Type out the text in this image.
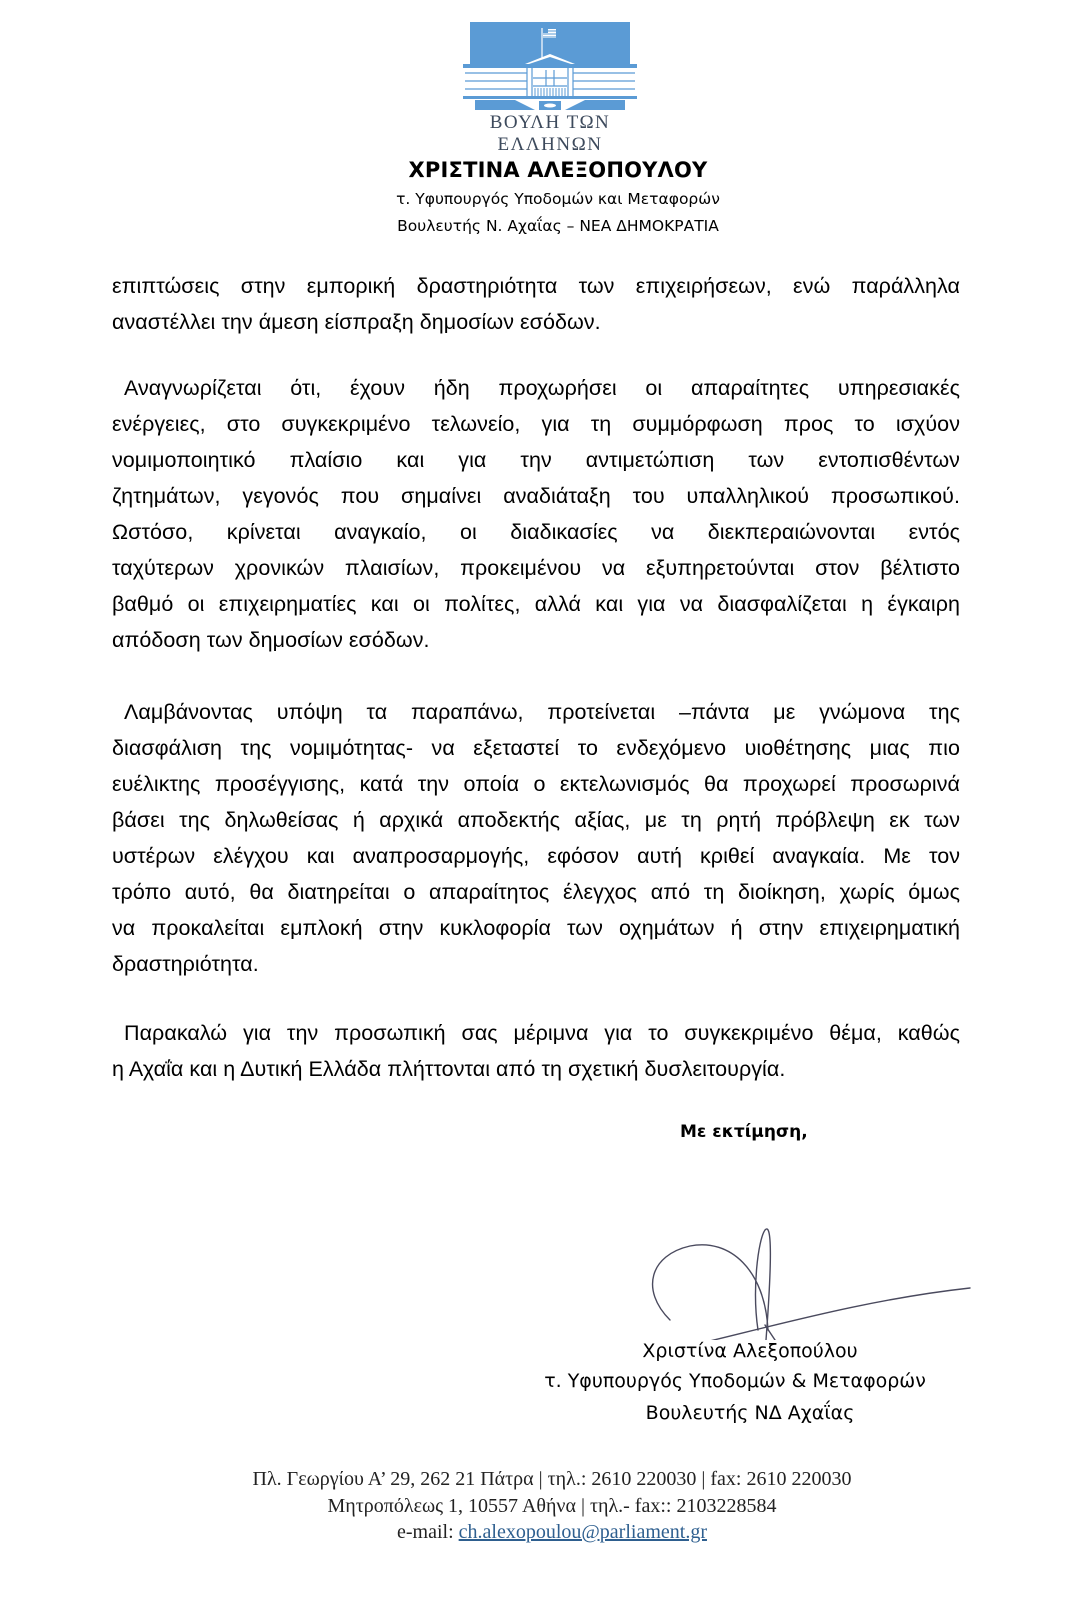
ΒΟΥΛΗ ΤΩΝ ΕΛΛΗΝΩΝ
ΧΡΙΣΤΙΝΑ ΑΛΕΞΟΠΟΥΛΟΥ
τ. Υφυπουργός Υποδομών και Μεταφορών
Βουλευτής Ν. Αχαΐας – ΝΕΑ ΔΗΜΟΚΡΑΤΙΑ
επιπτώσεις στην εμπορική δραστηριότητα των επιχειρήσεων, ενώ παράλληλα
αναστέλλει την άμεση είσπραξη δημοσίων εσόδων.
Αναγνωρίζεται ότι, έχουν ήδη προχωρήσει οι απαραίτητες υπηρεσιακές
ενέργειες, στο συγκεκριμένο τελωνείο, για τη συμμόρφωση προς το ισχύον
νομιμοποιητικό πλαίσιο και για την αντιμετώπιση των εντοπισθέντων
ζητημάτων, γεγονός που σημαίνει αναδιάταξη του υπαλληλικού προσωπικού.
Ωστόσο, κρίνεται αναγκαίο, οι διαδικασίες να διεκπεραιώνονται εντός
ταχύτερων χρονικών πλαισίων, προκειμένου να εξυπηρετούνται στον βέλτιστο
βαθμό οι επιχειρηματίες και οι πολίτες, αλλά και για να διασφαλίζεται η έγκαιρη
απόδοση των δημοσίων εσόδων.
Λαμβάνοντας υπόψη τα παραπάνω, προτείνεται –πάντα με γνώμονα της
διασφάλιση της νομιμότητας- να εξεταστεί το ενδεχόμενο υιοθέτησης μιας πιο
ευέλικτης προσέγγισης, κατά την οποία ο εκτελωνισμός θα προχωρεί προσωρινά
βάσει της δηλωθείσας ή αρχικά αποδεκτής αξίας, με τη ρητή πρόβλεψη εκ των
υστέρων ελέγχου και αναπροσαρμογής, εφόσον αυτή κριθεί αναγκαία. Με τον
τρόπο αυτό, θα διατηρείται ο απαραίτητος έλεγχος από τη διοίκηση, χωρίς όμως
να προκαλείται εμπλοκή στην κυκλοφορία των οχημάτων ή στην επιχειρηματική
δραστηριότητα.
Παρακαλώ για την προσωπική σας μέριμνα για το συγκεκριμένο θέμα, καθώς
η Αχαΐα και η Δυτική Ελλάδα πλήττονται από τη σχετική δυσλειτουργία.
Με εκτίμηση,
Χριστίνα Αλεξοπούλου
τ. Υφυπουργός Υποδομών & Μεταφορών
Βουλευτής ΝΔ Αχαΐας
Πλ. Γεωργίου Α’ 29, 262 21 Πάτρα | τηλ.: 2610 220030 | fax: 2610 220030
Μητροπόλεως 1, 10557 Αθήνα | τηλ.- fax:: 2103228584
e-mail: ch.alexopoulou@parliament.gr
